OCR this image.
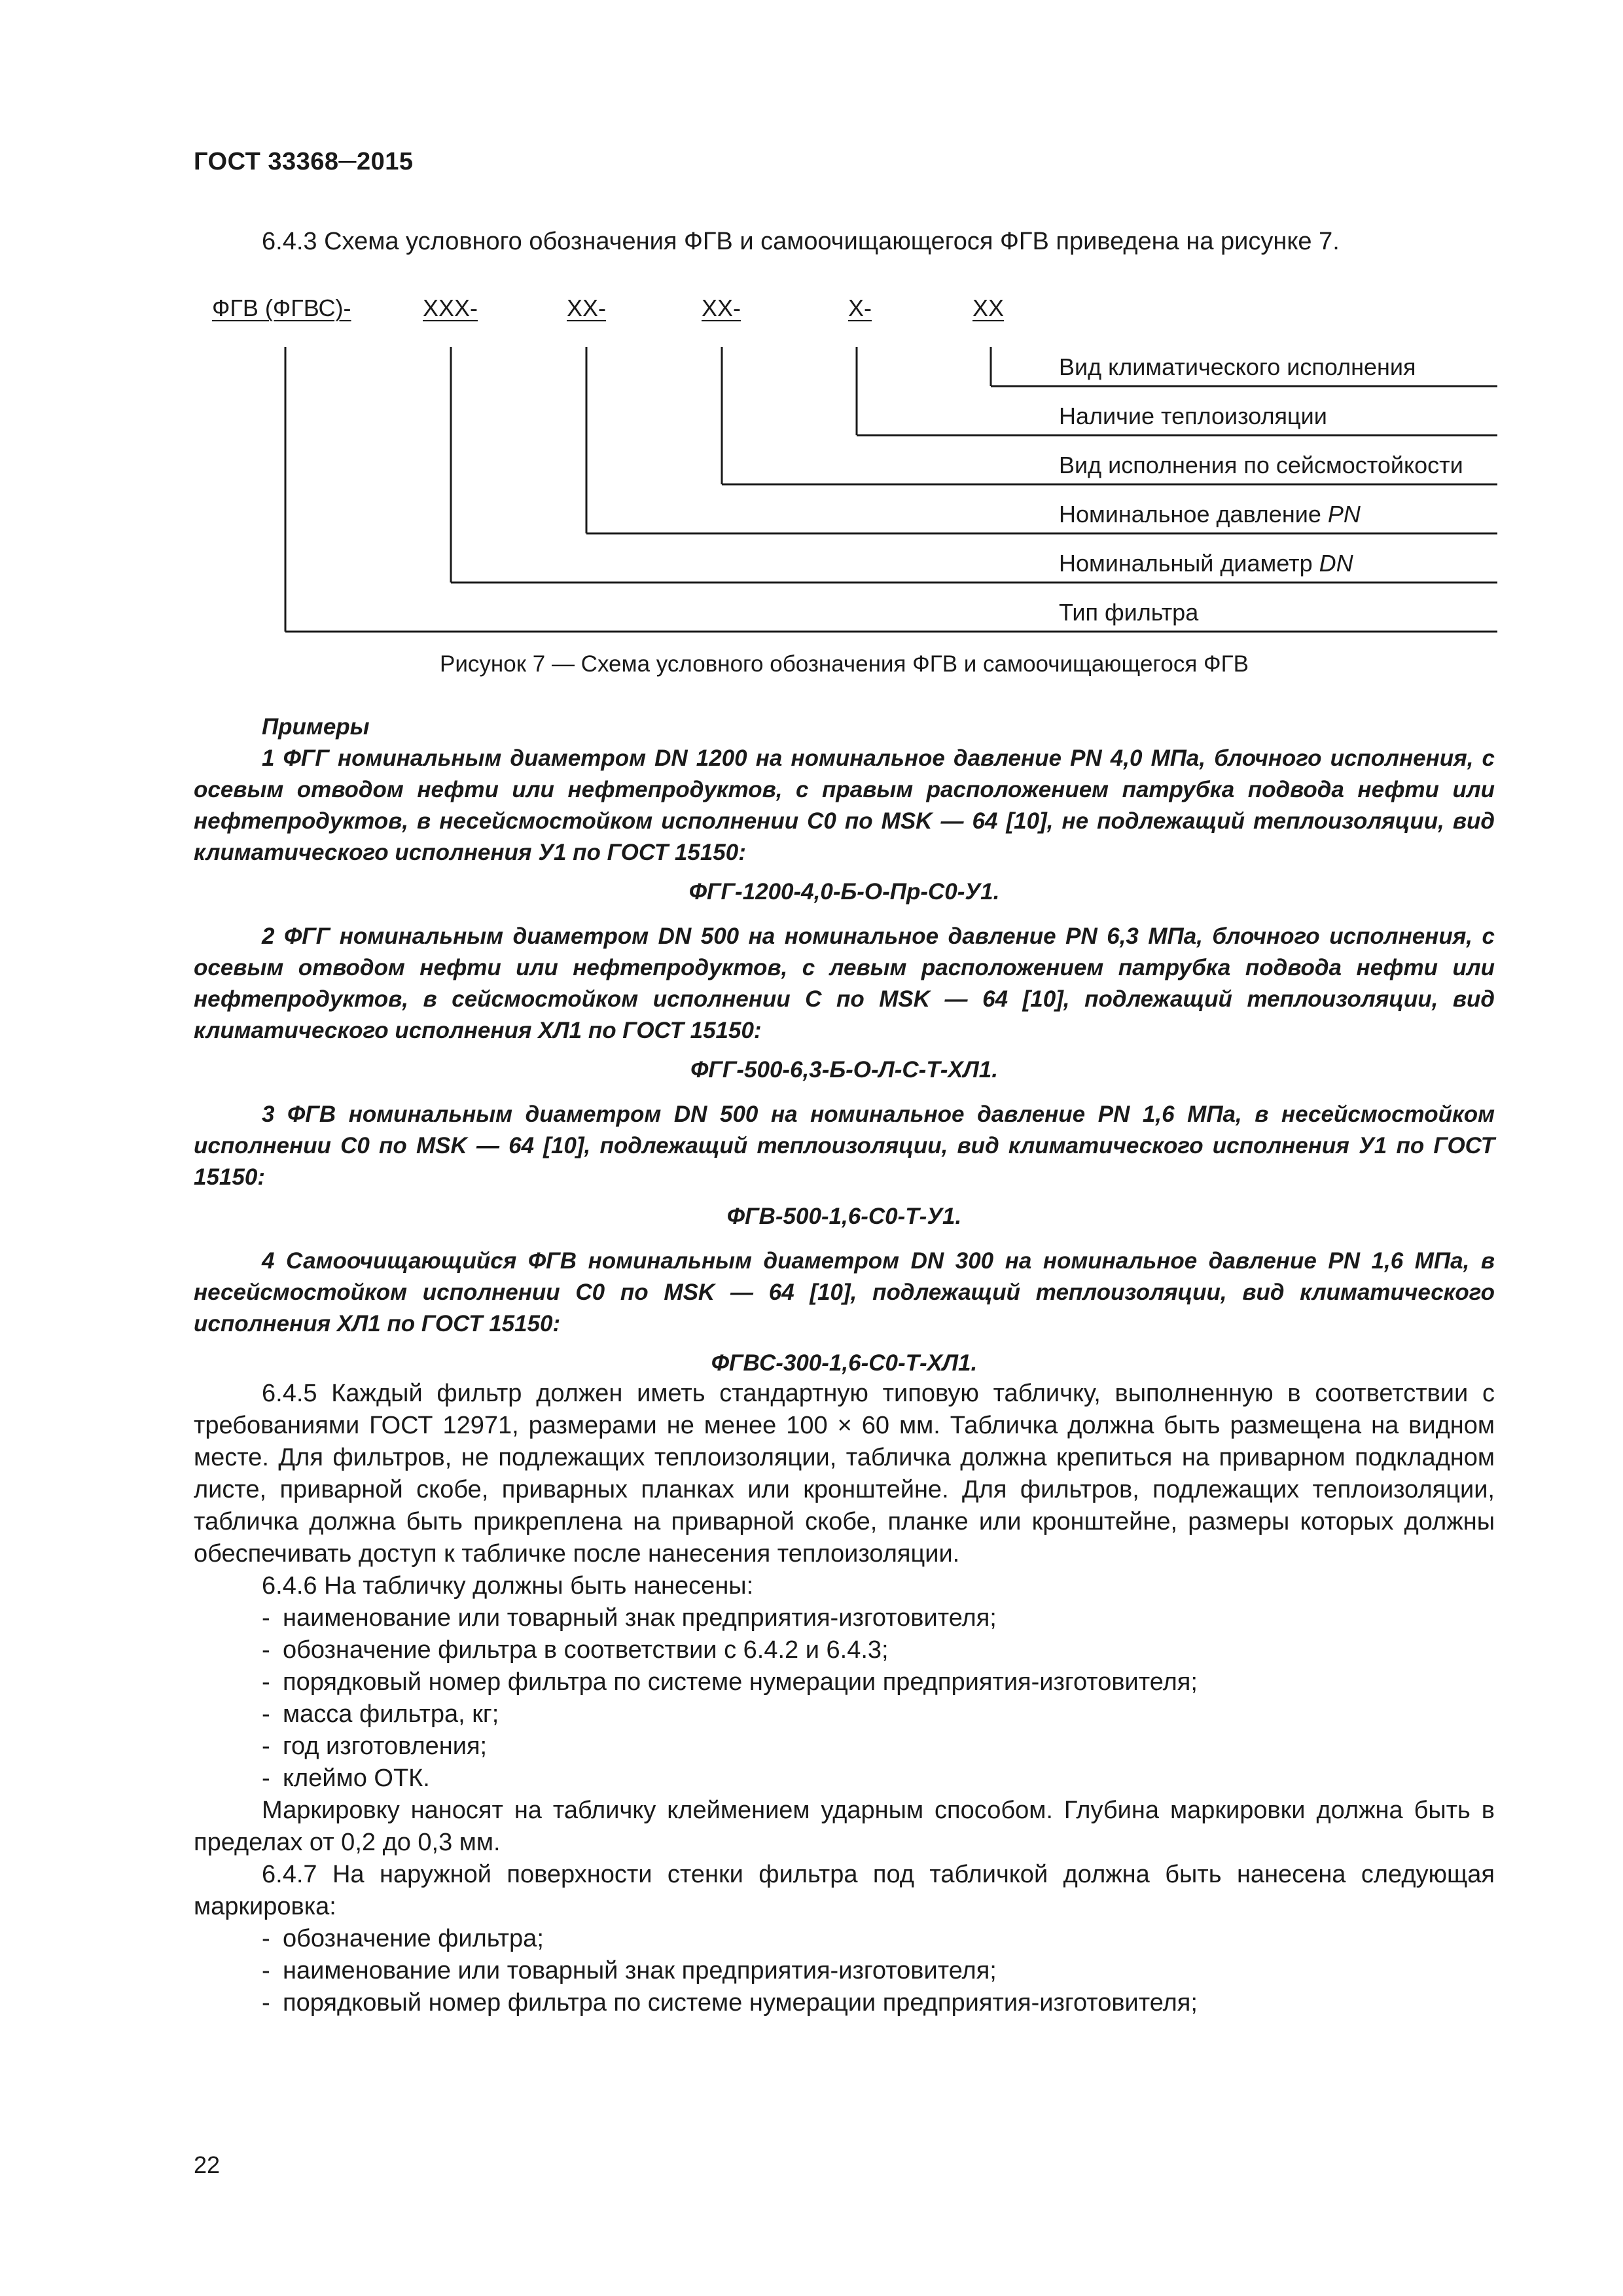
ГОСТ 33368─2015
6.4.3 Схема условного обозначения ФГВ и самоочищающегося ФГВ приведена на рисунке 7.
ФГВ (ФГВС)-	XXX-	XX-	XX-	X-	XX
Вид климатического исполнения
Наличие теплоизоляции
Вид исполнения по сейсмостойкости
Номинальное давление PN
Номинальный диаметр DN
Тип фильтра
Рисунок 7 — Схема условного обозначения ФГВ и самоочищающегося ФГВ

Примеры

1 ФГГ номинальным диаметром DN 1200 на номинальное давление PN 4,0 МПа, блочного исполнения, с осевым отводом нефти или нефтепродуктов, с правым расположением патрубка подвода нефти или нефтепродуктов, в несейсмостойком исполнении С0 по MSK — 64 [10], не подлежащий теплоизоляции, вид климатического исполнения У1 по ГОСТ 15150:

ФГГ-1200-4,0-Б-О-Пр-С0-У1.

2 ФГГ номинальным диаметром DN 500 на номинальное давление PN 6,3 МПа, блочного исполнения, с осевым отводом нефти или нефтепродуктов, с левым расположением патрубка подвода нефти или нефтепродуктов, в сейсмостойком исполнении С по MSK — 64 [10], подлежащий теплоизоляции, вид климатического исполнения ХЛ1 по ГОСТ 15150:

ФГГ-500-6,3-Б-О-Л-С-Т-ХЛ1.

3 ФГВ номинальным диаметром DN 500 на номинальное давление PN 1,6 МПа, в несейсмостойком исполнении С0 по MSK — 64 [10], подлежащий теплоизоляции, вид климатического исполнения У1 по ГОСТ 15150:

ФГВ-500-1,6-С0-Т-У1.

4 Самоочищающийся ФГВ номинальным диаметром DN 300 на номинальное давление PN 1,6 МПа, в несейсмостойком исполнении С0 по MSK — 64 [10], подлежащий теплоизоляции, вид климатического исполнения ХЛ1 по ГОСТ 15150:

ФГВС-300-1,6-С0-Т-ХЛ1.

6.4.5 Каждый фильтр должен иметь стандартную типовую табличку, выполненную в соответствии с требованиями ГОСТ 12971, размерами не менее 100 × 60 мм. Табличка должна быть размещена на видном месте. Для фильтров, не подлежащих теплоизоляции, табличка должна крепиться на приварном подкладном листе, приварной скобе, приварных планках или кронштейне. Для фильтров, подлежащих теплоизоляции, табличка должна быть прикреплена на приварной скобе, планке или кронштейне, размеры которых должны обеспечивать доступ к табличке после нанесения теплоизоляции.

6.4.6 На табличку должны быть нанесены:

- наименование или товарный знак предприятия-изготовителя;

- обозначение фильтра в соответствии с 6.4.2 и 6.4.3;

- порядковый номер фильтра по системе нумерации предприятия-изготовителя;

- масса фильтра, кг;

- год изготовления;

- клеймо ОТК.

Маркировку наносят на табличку клеймением ударным способом. Глубина маркировки должна быть в пределах от 0,2 до 0,3 мм.

6.4.7 На наружной поверхности стенки фильтра под табличкой должна быть нанесена следующая маркировка:

- обозначение фильтра;

- наименование или товарный знак предприятия-изготовителя;

- порядковый номер фильтра по системе нумерации предприятия-изготовителя;

22
